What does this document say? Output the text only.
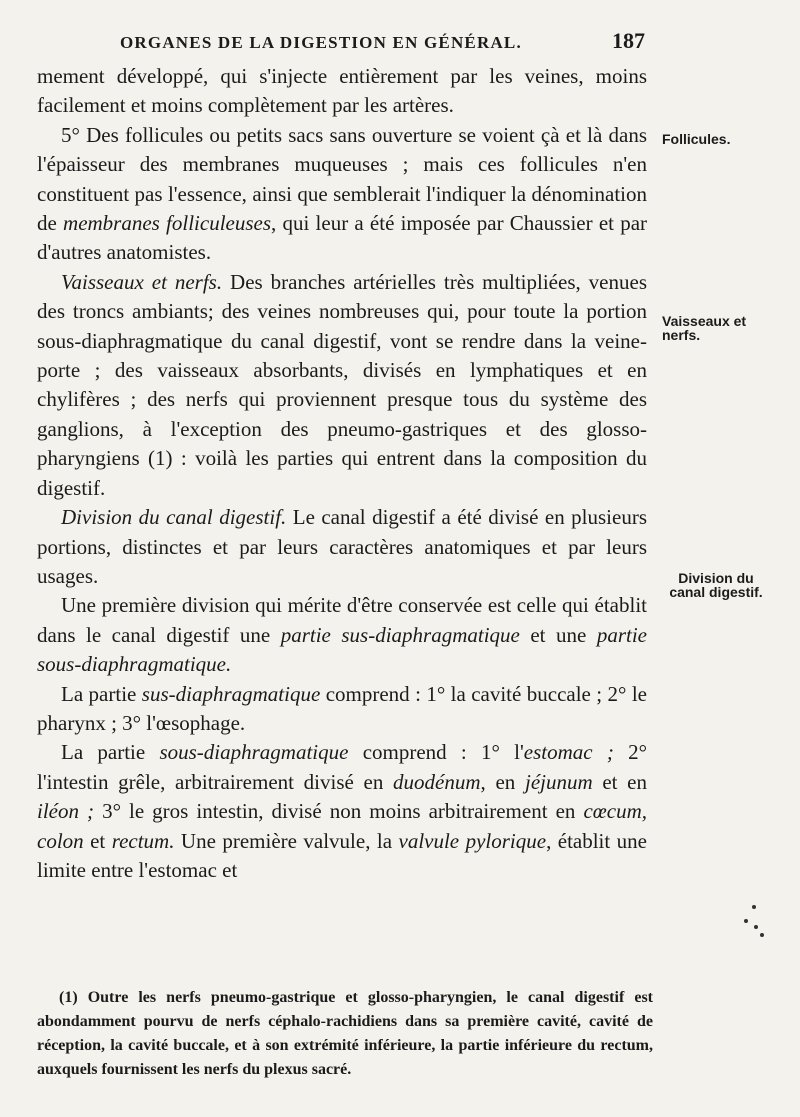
ORGANES DE LA DIGESTION EN GÉNÉRAL.	187

mement développé, qui s'injecte entièrement par les veines, moins facilement et moins complètement par les artères.

5° Des follicules ou petits sacs sans ouverture se voient çà et là dans l'épaisseur des membranes muqueuses ; mais ces follicules n'en constituent pas l'essence, ainsi que semblerait l'indiquer la dénomination de membranes folliculeuses, qui leur a été imposée par Chaussier et par d'autres anatomistes.

Vaisseaux et nerfs. Des branches artérielles très multipliées, venues des troncs ambiants; des veines nombreuses qui, pour toute la portion sous-diaphragmatique du canal digestif, vont se rendre dans la veine-porte ; des vaisseaux absorbants, divisés en lymphatiques et en chylifères ; des nerfs qui proviennent presque tous du système des ganglions, à l'exception des pneumo-gastriques et des glosso-pharyngiens (1) : voilà les parties qui entrent dans la composition du digestif.

Division du canal digestif. Le canal digestif a été divisé en plusieurs portions, distinctes et par leurs caractères anatomiques et par leurs usages.

Une première division qui mérite d'être conservée est celle qui établit dans le canal digestif une partie sus-diaphragmatique et une partie sous-diaphragmatique.

La partie sus-diaphragmatique comprend : 1° la cavité buccale ; 2° le pharynx ; 3° l'œsophage.

La partie sous-diaphragmatique comprend : 1° l'estomac ; 2° l'intestin grêle, arbitrairement divisé en duodénum, en jéjunum et en iléon ; 3° le gros intestin, divisé non moins arbitrairement en cœcum, colon et rectum. Une première valvule, la valvule pylorique, établit une limite entre l'estomac et

Follicules.
Vaisseaux et nerfs.
Division du canal digestif.

(1) Outre les nerfs pneumo-gastrique et glosso-pharyngien, le canal digestif est abondamment pourvu de nerfs céphalo-rachidiens dans sa première cavité, cavité de réception, la cavité buccale, et à son extrémité inférieure, la partie inférieure du rectum, auxquels fournissent les nerfs du plexus sacré.
